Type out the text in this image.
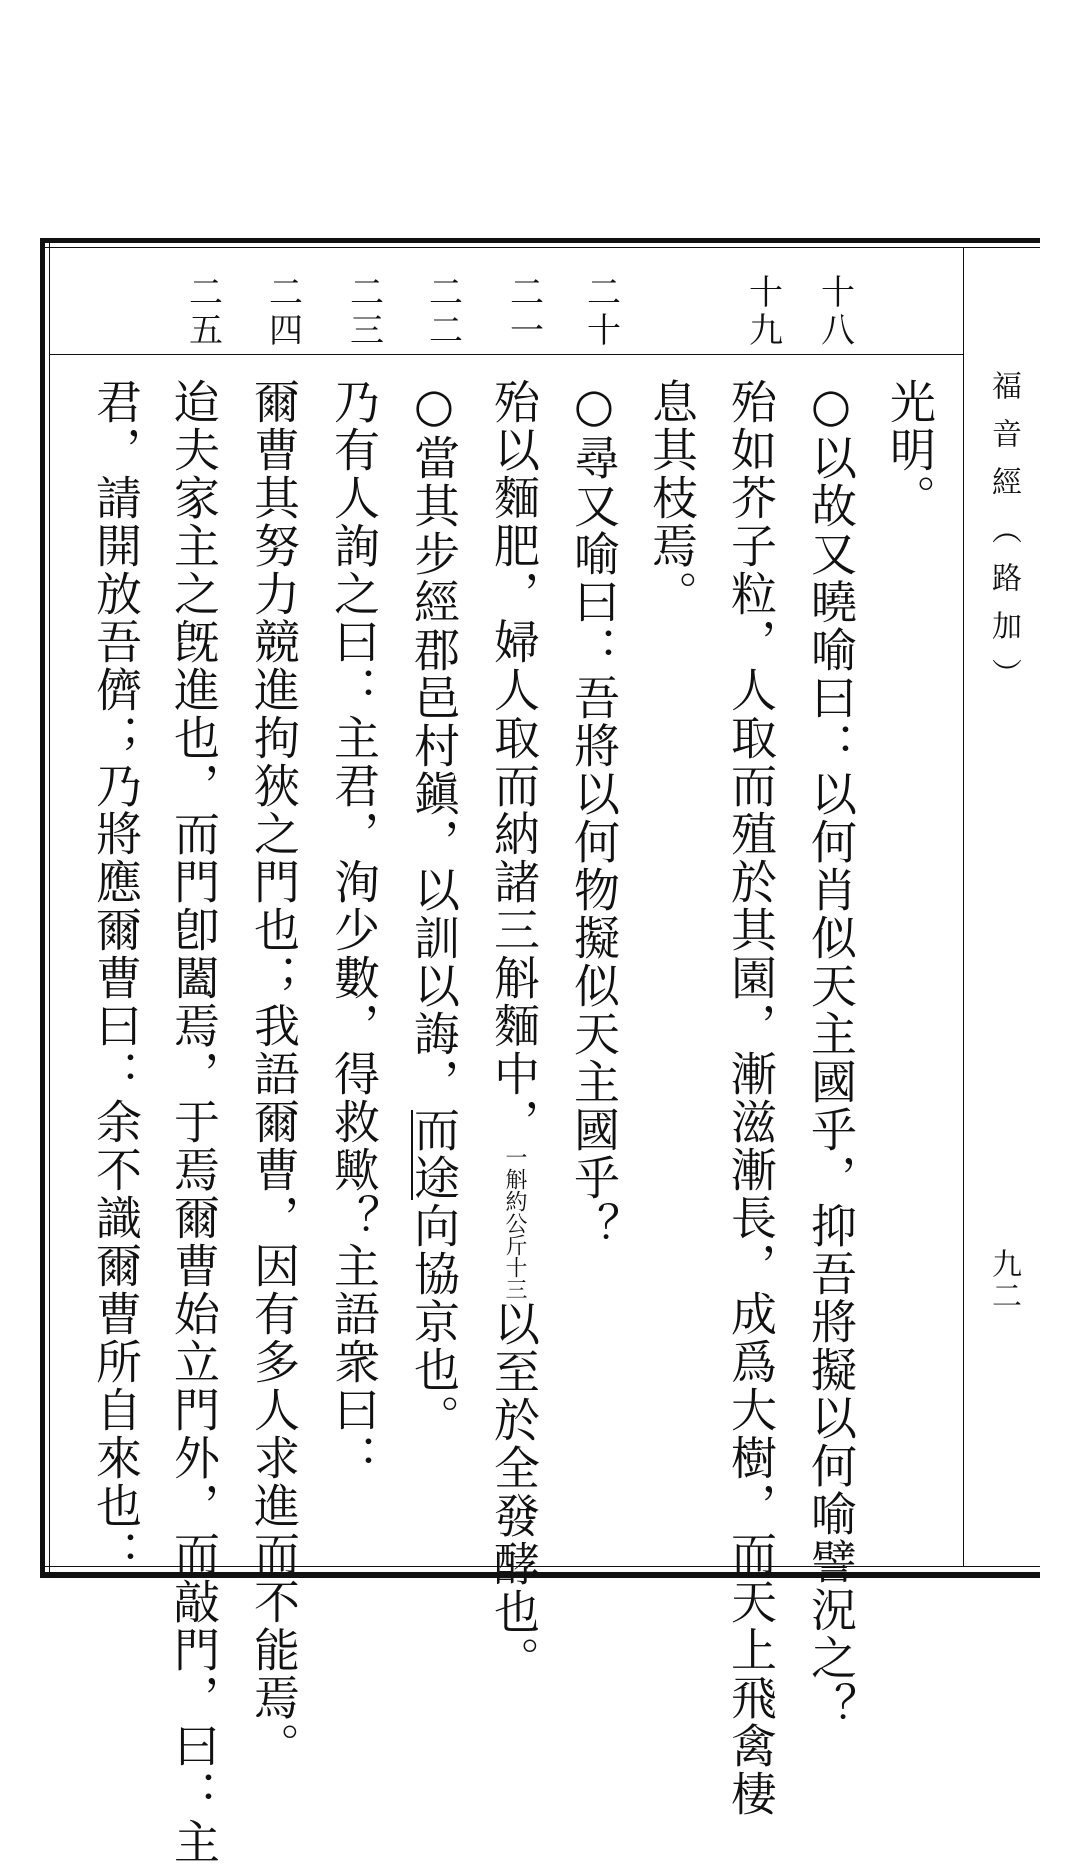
十八
十九
二十
二一
二二
二三
二四
二五
福音經（路加）
九二
光明。
○以故又曉喻曰：以何肖似天主國乎，抑吾將擬以何喻譬況之？
殆如芥子粒，人取而殖於其園，漸滋漸長，成爲大樹，而天上飛禽棲
息其枝焉。
○尋又喻曰：吾將以何物擬似天主國乎？
殆以麵肥，婦人取而納諸三斛麵中，一斛約公斤十三以至於全發酵也。
○當其步經郡邑村鎭，以訓以誨，而途向協京也。
乃有人詢之曰：主君，洵少數，得救歟？主語衆曰：
爾曹其努力競進拘狹之門也；我語爾曹，因有多人求進而不能焉。
迨夫家主之旣進也，而門卽闔焉，于焉爾曹始立門外，而敲門，曰：主
君，請開放吾儕；乃將應爾曹曰：余不識爾曹所自來也：
